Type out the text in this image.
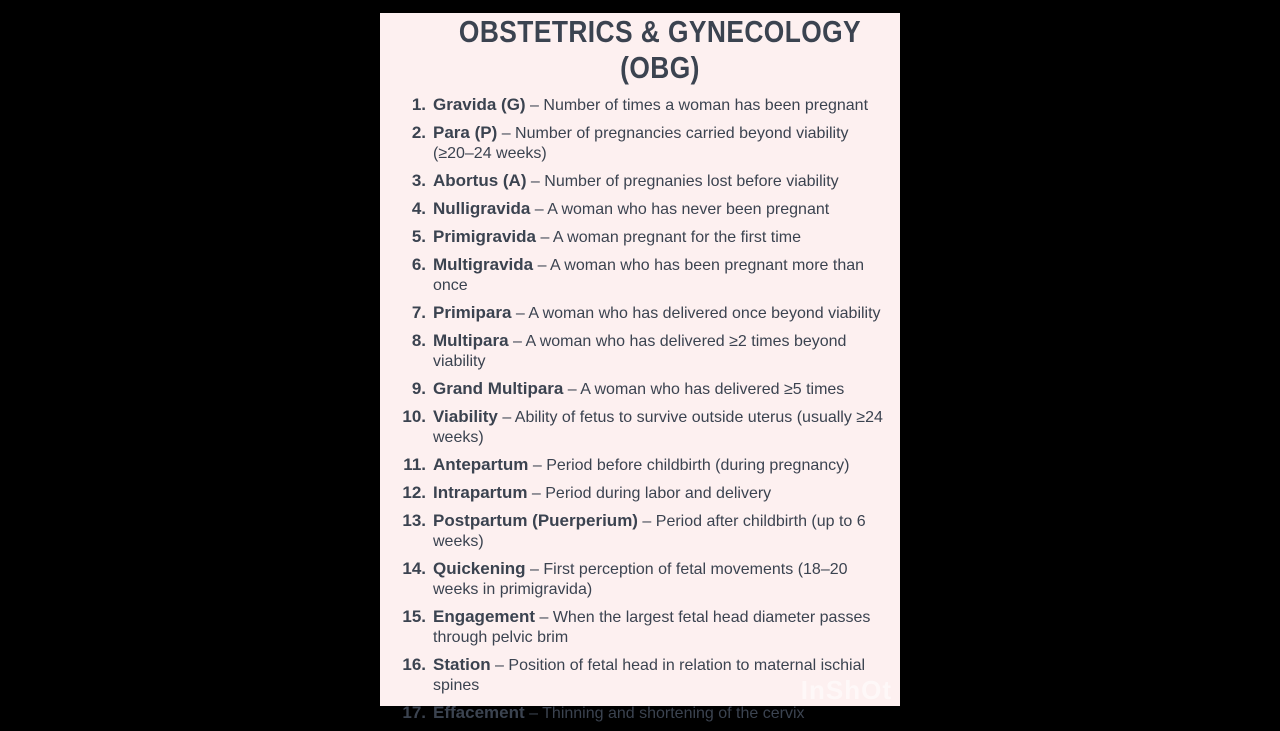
OBSTETRICS & GYNECOLOGY
(OBG)
1. Gravida (G) – Number of times a woman has been pregnant
2. Para (P) – Number of pregnancies carried beyond viability (≥20–24 weeks)
3. Abortus (A) – Number of pregnanies lost before viability
4. Nulligravida – A woman who has never been pregnant
5. Primigravida – A woman pregnant for the first time
6. Multigravida – A woman who has been pregnant more than once
7. Primipara – A woman who has delivered once beyond viability
8. Multipara – A woman who has delivered ≥2 times beyond viability
9. Grand Multipara – A woman who has delivered ≥5 times
10. Viability – Ability of fetus to survive outside uterus (usually ≥24 weeks)
11. Antepartum – Period before childbirth (during pregnancy)
12. Intrapartum – Period during labor and delivery
13. Postpartum (Puerperium) – Period after childbirth (up to 6 weeks)
14. Quickening – First perception of fetal movements (18–20 weeks in primigravida)
15. Engagement – When the largest fetal head diameter passes through pelvic brim
16. Station – Position of fetal head in relation to maternal ischial spines
17. Effacement – Thinning and shortening of the cervix
InShOt
